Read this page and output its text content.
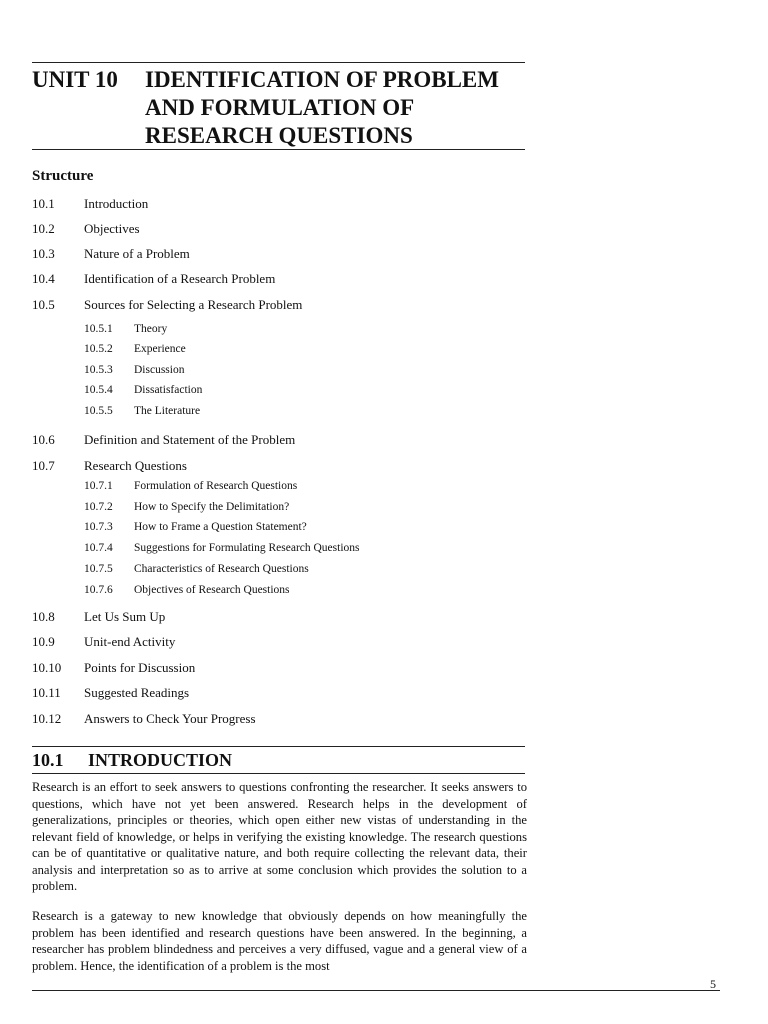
UNIT 10	IDENTIFICATION OF PROBLEM
AND FORMULATION OF
RESEARCH QUESTIONS
Structure
10.1 Introduction
10.2 Objectives
10.3 Nature of a Problem
10.4 Identification of a Research Problem
10.5 Sources for Selecting a Research Problem
10.5.1 Theory
10.5.2 Experience
10.5.3 Discussion
10.5.4 Dissatisfaction
10.5.5 The Literature
10.6 Definition and Statement of the Problem
10.7 Research Questions
10.7.1 Formulation of Research Questions
10.7.2 How to Specify the Delimitation?
10.7.3 How to Frame a Question Statement?
10.7.4 Suggestions for Formulating Research Questions
10.7.5 Characteristics of Research Questions
10.7.6 Objectives of Research Questions
10.8 Let Us Sum Up
10.9 Unit-end Activity
10.10 Points for Discussion
10.11 Suggested Readings
10.12 Answers to Check Your Progress
10.1 INTRODUCTION
Research is an effort to seek answers to questions confronting the researcher. It seeks answers to questions, which have not yet been answered. Research helps in the development of generalizations, principles or theories, which open either new vistas of understanding in the relevant field of knowledge, or helps in verifying the existing knowledge. The research questions can be of quantitative or qualitative nature, and both require collecting the relevant data, their analysis and interpretation so as to arrive at some conclusion which provides the solution to a problem.
Research is a gateway to new knowledge that obviously depends on how meaningfully the problem has been identified and research questions have been answered. In the beginning, a researcher has problem blindedness and perceives a very diffused, vague and a general view of a problem. Hence, the identification of a problem is the most
5
